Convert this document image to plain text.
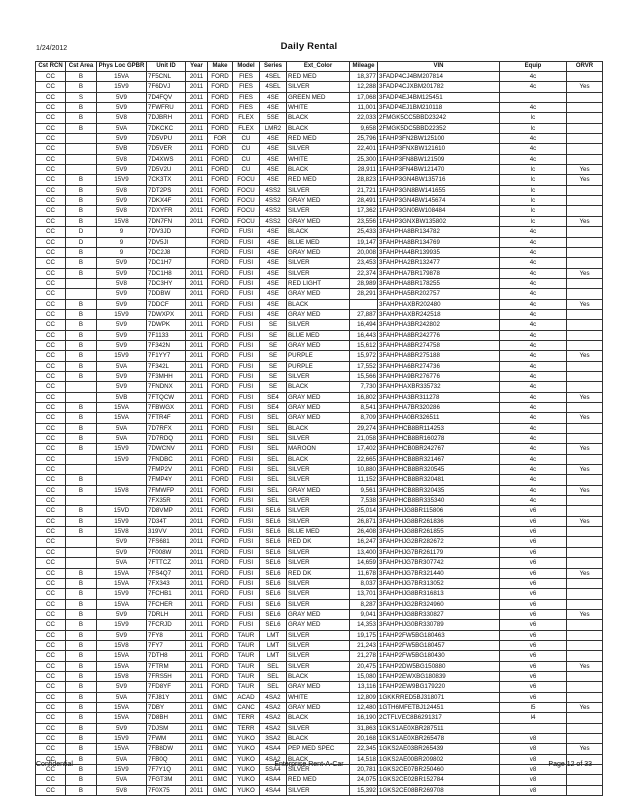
1/24/2012	Daily Rental
Cst RCN	Cst Area	Phys Loc GPBR	Unit ID	Year	Make	Model	Series	Ext_Color	Mileage	VIN	Equip	ORVR
CC	B	15VA	7F5CNL	2011	FORD	FIES	4SEL	RED MED	18,377	3FADP4CJ4BM207814	4c	
CC	B	15V9	7F6DVJ	2011	FORD	FIES	4SEL	SILVER	12,288	3FADP4CJXBM201782	4c	Yes
CC	S	5V9	7D4FQV	2011	FORD	FIES	4SE	GREEN MED	17,068	3FADP4EJ4BM125451		
CC	B	5V9	7FWFRU	2011	FORD	FIES	4SE	WHITE	11,001	3FADP4EJ1BM210118	4c	
CC	B	5V8	7DJBRH	2011	FORD	FLEX	5SE	BLACK	22,033	2FMGK5CC5BBD23242	lc	
CC	B	5VA	7DKCKC	2011	FORD	FLEX	LMR2	BLACK	9,658	2FMGK5DC5BBD22352	lc	
CC		5V9	7D5VPU	2011	FOR	CU	4SE	RED MED	25,796	1FAHP3FN2BW125100	4c	
CC		5VB	7D5VER	2011	FORD	CU	4SE	SILVER	22,401	1FAHP3FNXBW121610	4c	
CC		5V8	7D4XWS	2011	FORD	CU	4SE	WHITE	25,300	1FAHP3FN8BW121509	4c	
CC		5V9	7D5V2U	2011	FORD	CU	4SE	BLACK	28,911	1FAHP3FN4BW121470	lc	Yes
CC	B	15V9	7CK3TX	2011	FORD	FOCU	4SE	RED MED	28,823	1FAHP3GN4BW135716	lc	Yes
CC	B	5V8	7DT2PS	2011	FORD	FOCU	4SS2	SILVER	21,721	1FAHP3GN8BW141655	lc	
CC	B	5V9	7DKX4F	2011	FORD	FOCU	4SS2	GRAY MED	28,491	1FAHP3GN4BW145674	lc	
CC	B	5V8	7DXYFR	2011	FORD	FOCU	4SS2	SILVER	17,362	1FAHP3GN0BW108484	lc	
CC	B	15V8	7DN7FN	2011	FORD	FOCU	4SS2	GRAY MED	23,556	1FAHP3GNXBW135802	lc	Yes
CC	D	9	7DV3JD		FORD	FUSI	4SE	BLACK	25,433	3FAHPHA8BR134782	4c	
CC	D	9	7DV5JI		FORD	FUSI	4SE	BLUE MED	19,147	3FAHPHA8BR134769	4c	
CC	B	9	7DC2J8		FORD	FUSI	4SE	GRAY MED	20,008	3FAHPHA4BR139935	4c	
CC	B	5V9	7DC1H7		FORD	FUSI	4SE	SILVER	23,453	3FAHPHA2BR132477	4c	
CC	B	5V9	7DC1H8	2011	FORD	FUSI	4SE	SILVER	22,374	3FAHPHA7BR179878	4c	Yes
CC		5V8	7DC3HY	2011	FORD	FUSI	4SE	RED LIGHT	28,989	3FAHPHA8BR178255	4c	
CC		5V9	7DDBW	2011	FORD	FUSI	4SE	GRAY MED	28,291	3FAHPHA5BR202757	4c	
CC	B	5V9	7DDCF	2011	FORD	FUSI	4SE	BLACK		3FAHPHAXBR202480	4c	Yes
CC	B	15V9	7DWXPX	2011	FORD	FUSI	4SE	GRAY MED	27,887	3FAHPHAXBR242518	4c	
CC	B	5V9	7DWPK	2011	FORD	FUSI	SE	SILVER	16,494	3FAHPHA3BR242802	4c	
CC	B	5V9	7F1133	2011	FORD	FUSI	SE	BLUE MED	16,443	3FAHPHA8BR242776	4c	
CC	B	5V9	7F342N	2011	FORD	FUSI	SE	GRAY MED	15,612	3FAHPHA8BR274758	4c	
CC	B	15V9	7F1YY7	2011	FORD	FUSI	SE	PURPLE	15,972	3FAHPHA8BR275188	4c	Yes
CC	B	5VA	7F342L	2011	FORD	FUSI	SE	PURPLE	17,552	3FAHPHA6BR274736	4c	
CC	B	5V9	7F3MHH	2011	FORD	FUSI	SE	SILVER	15,566	3FAHPHA9BR276776	4c	
CC		5V9	7FNDNX	2011	FORD	FUSI	SE	BLACK	7,730	3FAHPHAXBR335732	4c	
CC		5VB	7FTQCW	2011	FORD	FUSI	SE4	GRAY MED	16,802	3FAHPHA3BR311278	4c	Yes
CC	B	15VA	7FBWGX	2011	FORD	FUSI	SE4	GRAY MED	8,541	3FAHPHA7BR320286	4c	
CC	B	15VA	7FTR4F	2011	FORD	FUSI	SEL	GRAY MED	8,709	3FAHPHA0BR326511	4c	Yes
CC	B	5VA	7D7RFX	2011	FORD	FUSI	SEL	BLACK	29,274	3FAHPHCB8BR114253	4c	
CC	B	5VA	7D7RDQ	2011	FORD	FUSI	SEL	SILVER	21,058	3FAHPHCB8BR160278	4c	
CC	B	15V9	7DWCNV	2011	FORD	FUSI	SEL	MAROON	17,402	3FAHPHCB0BR242767	4c	Yes
CC		15V9	7FNDBC	2011	FORD	FUSI	SEL	BLACK	22,665	3FAHPHCB8BR321467	4c	
CC			7FMP2V	2011	FORD	FUSI	SEL	SILVER	10,880	3FAHPHCB8BR320545	4c	Yes
CC	B		7FMP4Y	2011	FORD	FUSI	SEL	SILVER	11,152	3FAHPHCB8BR320481	4c	
CC	B	15V8	7FMWFP	2011	FORD	FUSI	SEL	GRAY MED	9,561	3FAHPHCB8BR320435	4c	Yes
CC			7FX35R	2011	FORD	FUSI	SEL	SILVER	7,538	3FAHPHCB8BR335340	4c	
CC	B	15VD	7D8VMP	2011	FORD	FUSI	SEL6	SILVER	25,014	3FAHPHJG8BR115806	v6	
CC	B	15V9	7D34T	2011	FORD	FUSI	SEL6	SILVER	26,871	3FAHPHJG8BR261836	v6	Yes
CC	B	15V8	319VV	2011	FORD	FUSI	SEL6	BLUE MED	26,408	3FAHPHJG8BR261855	v6	
CC		5V9	7FS681	2011	FORD	FUSI	SEL6	RED DK	16,247	3FAHPHJG2BR282672	v6	
CC		5V9	7F008W	2011	FORD	FUSI	SEL6	SILVER	13,400	3FAHPHJG7BR261179	v6	
CC		5VA	7FTTCZ	2011	FORD	FUSI	SEL6	SILVER	14,659	3FAHPHJG7BR307742	v6	
CC	B	15VA	7FS4Q7	2011	FORD	FUSI	SEL6	RED DK	11,678	3FAHPHJG7BR321440	v6	Yes
CC	B	15VA	7FX343	2011	FORD	FUSI	SEL6	SILVER	8,037	3FAHPHJG7BR313052	v6	
CC	B	15V9	7FCHB1	2011	FORD	FUSI	SEL6	SILVER	13,701	3FAHPHJG8BR316813	v6	
CC	B	15VA	7FCHER	2011	FORD	FUSI	SEL6	SILVER	8,287	3FAHPHJG2BR324960	v6	
CC	B	5V9	7DRLH	2011	FORD	FUSI	SEL6	GRAY MED	9,041	3FAHPHJG8BR330827	v6	Yes
CC	B	15V9	7FCRJD	2011	FORD	FUSI	SEL6	GRAY MED	14,353	3FAHPHJG0BR330789	v6	
CC	B	5V9	7FY8	2011	FORD	TAUR	LMT	SILVER	19,175	1FAHP2FW5BG180463	v6	
CC	B	15V8	7FY7	2011	FORD	TAUR	LMT	SILVER	21,243	1FAHP2FW5BG180457	v6	
CC	B	15VA	7DTH8	2011	FORD	TAUR	LMT	SILVER	21,278	1FAHP2FW5BG180430	v6	
CC	B	15VA	7FTRM	2011	FORD	TAUR	SEL	SILVER	20,475	1FAHP2DW5BG150880	v6	Yes
CC	B	15V8	7FRS5H	2011	FORD	TAUR	SEL	BLACK	15,080	1FAHP2EWXBG180839	v6	
CC	B	5V9	7FD8YF	2011	FORD	TAUR	SEL	GRAY MED	13,116	1FAHP2EW9BG179220	v6	
CC	B	5VA	7FJ81Y	2011	GMC	ACAD	4SA2	WHITE	12,809	1GKKRRED5BJ318071	v6	
CC	B	15VA	7DBY	2011	GMC	CANC	4SA2	GRAY MED	12,480	1GTH6MFETBJ124451	l5	Yes
CC	B	15VA	7D8BH	2011	GMC	TERR	4SA2	BLACK	16,190	2CTFLVEC8B6291317	l4	
CC	B	5V9	7DJSM	2011	GMC	TERR	4SA2	SILVER	31,863	1GKS1AE0XBR287511		
CC	B	15V9	7FWM	2011	GMC	YUKO	3SA2	BLACK	20,168	1GKS1AE0XBR265478	v8	
CC	B	15VA	7FB8DW	2011	GMC	YUKO	4SA4	PEP MED SPEC	22,345	1GKS2AE03BR265439	v8	Yes
CC	B	5VA	7FB0Q	2011	GMC	YUKO	4SA2	BLACK	14,518	1GKS2AE00BR209802	v8	
CC	B	15V9	7F7Y1Q	2011	GMC	YUKO	5SA4	SILVER	20,781	1GKS2CE07BR250460	v8	
CC	B	5VA	7FGT3M	2011	GMC	YUKO	4SA4	RED MED	24,075	1GKS2CE02BR152784	v8	
CC	B	5V8	7F0X75	2011	GMC	YUKO	4SA4	SILVER	15,392	1GKS2CE08BR269708	v8	
Confidential	Enterprise Rent-A-Car	Page 12 of 33
